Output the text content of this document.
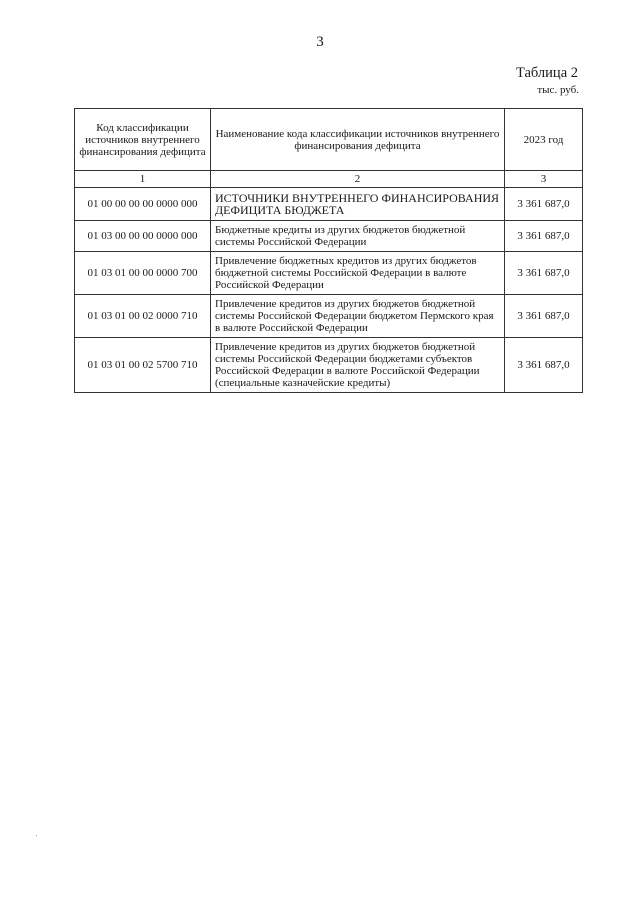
3
Таблица 2
тыс. руб.
Код классификации источников внутреннего финансирования дефицита	Наименование кода классификации источников внутреннего финансирования дефицита	2023 год
1	2	3
01 00 00 00 00 0000 000	ИСТОЧНИКИ ВНУТРЕННЕГО ФИНАНСИРОВАНИЯ ДЕФИЦИТА БЮДЖЕТА	3 361 687,0
01 03 00 00 00 0000 000	Бюджетные кредиты из других бюджетов бюджетной системы Российской Федерации	3 361 687,0
01 03 01 00 00 0000 700	Привлечение бюджетных кредитов из других бюджетов бюджетной системы Российской Федерации в валюте Российской Федерации	3 361 687,0
01 03 01 00 02 0000 710	Привлечение кредитов из других бюджетов бюджетной системы Российской Федерации бюджетом Пермского края в валюте Российской Федерации	3 361 687,0
01 03 01 00 02 5700 710	Привлечение кредитов из других бюджетов бюджетной системы Российской Федерации бюджетами субъектов Российской Федерации в валюте Российской Федерации (специальные казначейские кредиты)	3 361 687,0
